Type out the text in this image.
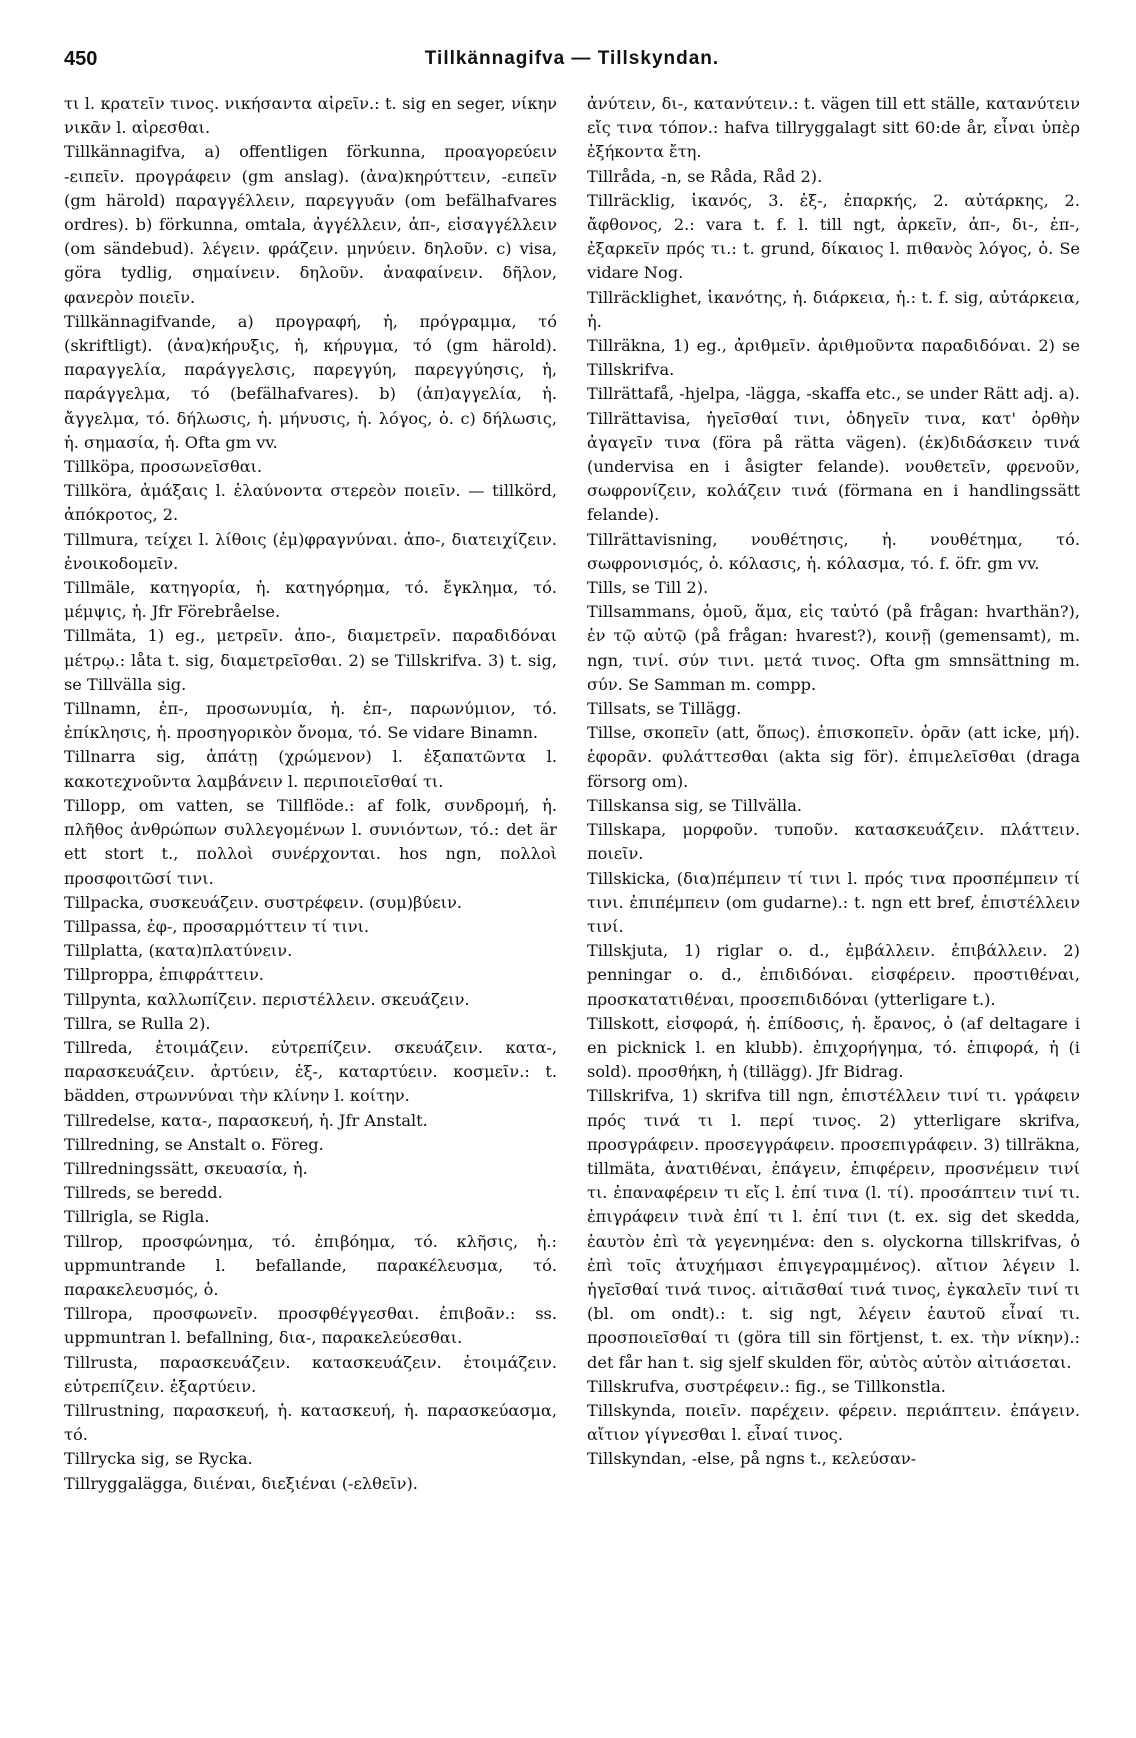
450	Tillkännagifva — Tillskyndan.

τι l. κρατεῖν τινος. νικήσαντα αἱρεῖν.: t. sig en seger, νίκην νικᾶν l. αἱρεσθαι.

Tillkännagifva, a) offentligen förkunna, προαγορεύειν -ειπεῖν. προγράφειν (gm anslag). (ἀνα)κηρύττειν, -ειπεῖν (gm härold) παραγγέλλειν, παρεγγυᾶν (om befälhafvares ordres). b) förkunna, omtala, ἀγγέλλειν, ἀπ-, εἰσαγγέλλειν (om sändebud). λέγειν. φράζειν. μηνύειν. δηλοῦν. c) visa, göra tydlig, σημαίνειν. δηλοῦν. ἀναφαίνειν. δῆλον, φανερὸν ποιεῖν.

Tillkännagifvande, a) προγραφή, ἡ, πρόγραμμα, τό (skriftligt). (ἀνα)κήρυξις, ἡ, κήρυγμα, τό (gm härold). παραγγελία, παράγγελσις, παρεγγύη, παρεγγύησις, ἡ, παράγγελμα, τό (befälhafvares). b) (ἀπ)αγγελία, ἡ. ἄγγελμα, τό. δήλωσις, ἡ. μήνυσις, ἡ. λόγος, ὁ. c) δήλωσις, ἡ. σημασία, ἡ. Ofta gm vv.

Tillköpa, προσωνεῖσθαι.

Tillköra, ἁμάξαις l. ἐλαύνοντα στερεὸν ποιεῖν. — tillkörd, ἀπόκροτος, 2.

Tillmura, τείχει l. λίθοις (ἐμ)φραγνύναι. ἀπο-, διατειχίζειν. ἐνοικοδομεῖν.

Tillmäle, κατηγορία, ἡ. κατηγόρημα, τό. ἔγκλημα, τό. μέμψις, ἡ. Jfr Förebråelse.

Tillmäta, 1) eg., μετρεῖν. ἀπο-, διαμετρεῖν. παραδιδόναι μέτρῳ.: låta t. sig, διαμετρεῖσθαι. 2) se Tillskrifva. 3) t. sig, se Tillvälla sig.

Tillnamn, ἐπ-, προσωνυμία, ἡ. ἐπ-, παρωνύμιον, τό. ἐπίκλησις, ἡ. προσηγορικὸν ὄνομα, τό. Se vidare Binamn.

Tillnarra sig, ἀπάτῃ (χρώμενον) l. ἐξαπατῶντα l. κακοτεχνοῦντα λαμβάνειν l. περιποιεῖσθαί τι.

Tillopp, om vatten, se Tillflöde.: af folk, συνδρομή, ἡ. πλῆθος ἀνθρώπων συλλεγομένων l. συνιόντων, τό.: det är ett stort t., πολλοὶ συνέρχονται. hos ngn, πολλοὶ προσφοιτῶσί τινι.

Tillpacka, συσκευάζειν. συστρέφειν. (συμ)βύειν.

Tillpassa, ἐφ-, προσαρμόττειν τί τινι.

Tillplatta, (κατα)πλατύνειν.

Tillproppa, ἐπιφράττειν.

Tillpynta, καλλωπίζειν. περιστέλλειν. σκευάζειν.

Tillra, se Rulla 2).

Tillreda, ἑτοιμάζειν. εὐτρεπίζειν. σκευάζειν. κατα-, παρασκευάζειν. ἀρτύειν, ἐξ-, καταρτύειν. κοσμεῖν.: t. bädden, στρωννύναι τὴν κλίνην l. κοίτην.

Tillredelse, κατα-, παρασκευή, ἡ. Jfr Anstalt.

Tillredning, se Anstalt o. Föreg.

Tillredningssätt, σκευασία, ἡ.

Tillreds, se beredd.

Tillrigla, se Rigla.

Tillrop, προσφώνημα, τό. ἐπιβόημα, τό. κλῆσις, ἡ.: uppmuntrande l. befallande, παρακέλευσμα, τό. παρακελευσμός, ὁ.

Tillropa, προσφωνεῖν. προσφθέγγεσθαι. ἐπιβοᾶν.: ss. uppmuntran l. befallning, δια-, παρακελεύεσθαι.

Tillrusta, παρασκευάζειν. κατασκευάζειν. ἑτοιμάζειν. εὐτρεπίζειν. ἐξαρτύειν.

Tillrustning, παρασκευή, ἡ. κατασκευή, ἡ. παρασκεύασμα, τό.

Tillrycka sig, se Rycka.

Tillryggalägga, διιέναι, διεξιέναι (-ελθεῖν).

ἀνύτειν, δι-, κατανύτειν.: t. vägen till ett ställe, κατανύτειν εἴς τινα τόπον.: hafva tillryggalagt sitt 60:de år, εἶναι ὑπὲρ ἑξήκοντα ἔτη.

Tillråda, -n, se Råda, Råd 2).

Tillräcklig, ἱκανός, 3. ἐξ-, ἐπαρκής, 2. αὐτάρκης, 2. ἄφθονος, 2.: vara t. f. l. till ngt, ἀρκεῖν, ἀπ-, δι-, ἐπ-, ἐξαρκεῖν πρός τι.: t. grund, δίκαιος l. πιθανὸς λόγος, ὁ. Se vidare Nog.

Tillräcklighet, ἱκανότης, ἡ. διάρκεια, ἡ.: t. f. sig, αὐτάρκεια, ἡ.

Tillräkna, 1) eg., ἀριθμεῖν. ἀριθμοῦντα παραδιδόναι. 2) se Tillskrifva.

Tillrättafå, -hjelpa, -lägga, -skaffa etc., se under Rätt adj. a).

Tillrättavisa, ἡγεῖσθαί τινι, ὁδηγεῖν τινα, κατ' ὀρθὴν ἀγαγεῖν τινα (föra på rätta vägen). (ἐκ)διδάσκειν τινά (undervisa en i åsigter felande). νουθετεῖν, φρενοῦν, σωφρονίζειν, κολάζειν τινά (förmana en i handlingssätt felande).

Tillrättavisning, νουθέτησις, ἡ. νουθέτημα, τό. σωφρονισμός, ὁ. κόλασις, ἡ. κόλασμα, τό. f. öfr. gm vv.

Tills, se Till 2).

Tillsammans, ὁμοῦ, ἅμα, εἰς ταὐτό (på frågan: hvarthän?), ἐν τῷ αὐτῷ (på frågan: hvarest?), κοινῇ (gemensamt), m. ngn, τινί. σύν τινι. μετά τινος. Ofta gm smnsättning m. σύν. Se Samman m. compp.

Tillsats, se Tillägg.

Tillse, σκοπεῖν (att, ὅπως). ἐπισκοπεῖν. ὁρᾶν (att icke, μή). ἐφορᾶν. φυλάττεσθαι (akta sig för). ἐπιμελεῖσθαι (draga försorg om).

Tillskansa sig, se Tillvälla.

Tillskapa, μορφοῦν. τυποῦν. κατασκευάζειν. πλάττειν. ποιεῖν.

Tillskicka, (δια)πέμπειν τί τινι l. πρός τινα προσπέμπειν τί τινι. ἐπιπέμπειν (om gudarne).: t. ngn ett bref, ἐπιστέλλειν τινί.

Tillskjuta, 1) riglar o. d., ἐμβάλλειν. ἐπιβάλλειν. 2) penningar o. d., ἐπιδιδόναι. εἰσφέρειν. προστιθέναι, προσκατατιθέναι, προσεπιδιδόναι (ytterligare t.).

Tillskott, εἰσφορά, ἡ. ἐπίδοσις, ἡ. ἔρανος, ὁ (af deltagare i en picknick l. en klubb). ἐπιχορήγημα, τό. ἐπιφορά, ἡ (i sold). προσθήκη, ἡ (tillägg). Jfr Bidrag.

Tillskrifva, 1) skrifva till ngn, ἐπιστέλλειν τινί τι. γράφειν πρός τινά τι l. περί τινος. 2) ytterligare skrifva, προσγράφειν. προσεγγράφειν. προσεπιγράφειν. 3) tillräkna, tillmäta, ἀνατιθέναι, ἐπάγειν, ἐπιφέρειν, προσνέμειν τινί τι. ἐπαναφέρειν τι εἴς l. ἐπί τινα (l. τί). προσάπτειν τινί τι. ἐπιγράφειν τινὰ ἐπί τι l. ἐπί τινι (t. ex. sig det skedda, ἑαυτὸν ἐπὶ τὰ γεγενημένα: den s. olyckorna tillskrifvas, ὁ ἐπὶ τοῖς ἀτυχήμασι ἐπιγεγραμμένος). αἴτιον λέγειν l. ἡγεῖσθαί τινά τινος. αἰτιᾶσθαί τινά τινος, ἐγκαλεῖν τινί τι (bl. om ondt).: t. sig ngt, λέγειν ἑαυτοῦ εἶναί τι. προσποιεῖσθαί τι (göra till sin förtjenst, t. ex. τὴν νίκην).: det får han t. sig sjelf skulden för, αὐτὸς αὐτὸν αἰτιάσεται.

Tillskrufva, συστρέφειν.: fig., se Tillkonstla.

Tillskynda, ποιεῖν. παρέχειν. φέρειν. περιάπτειν. ἐπάγειν. αἴτιον γίγνεσθαι l. εἶναί τινος.

Tillskyndan, -else, på ngns t., κελεύσαν-
